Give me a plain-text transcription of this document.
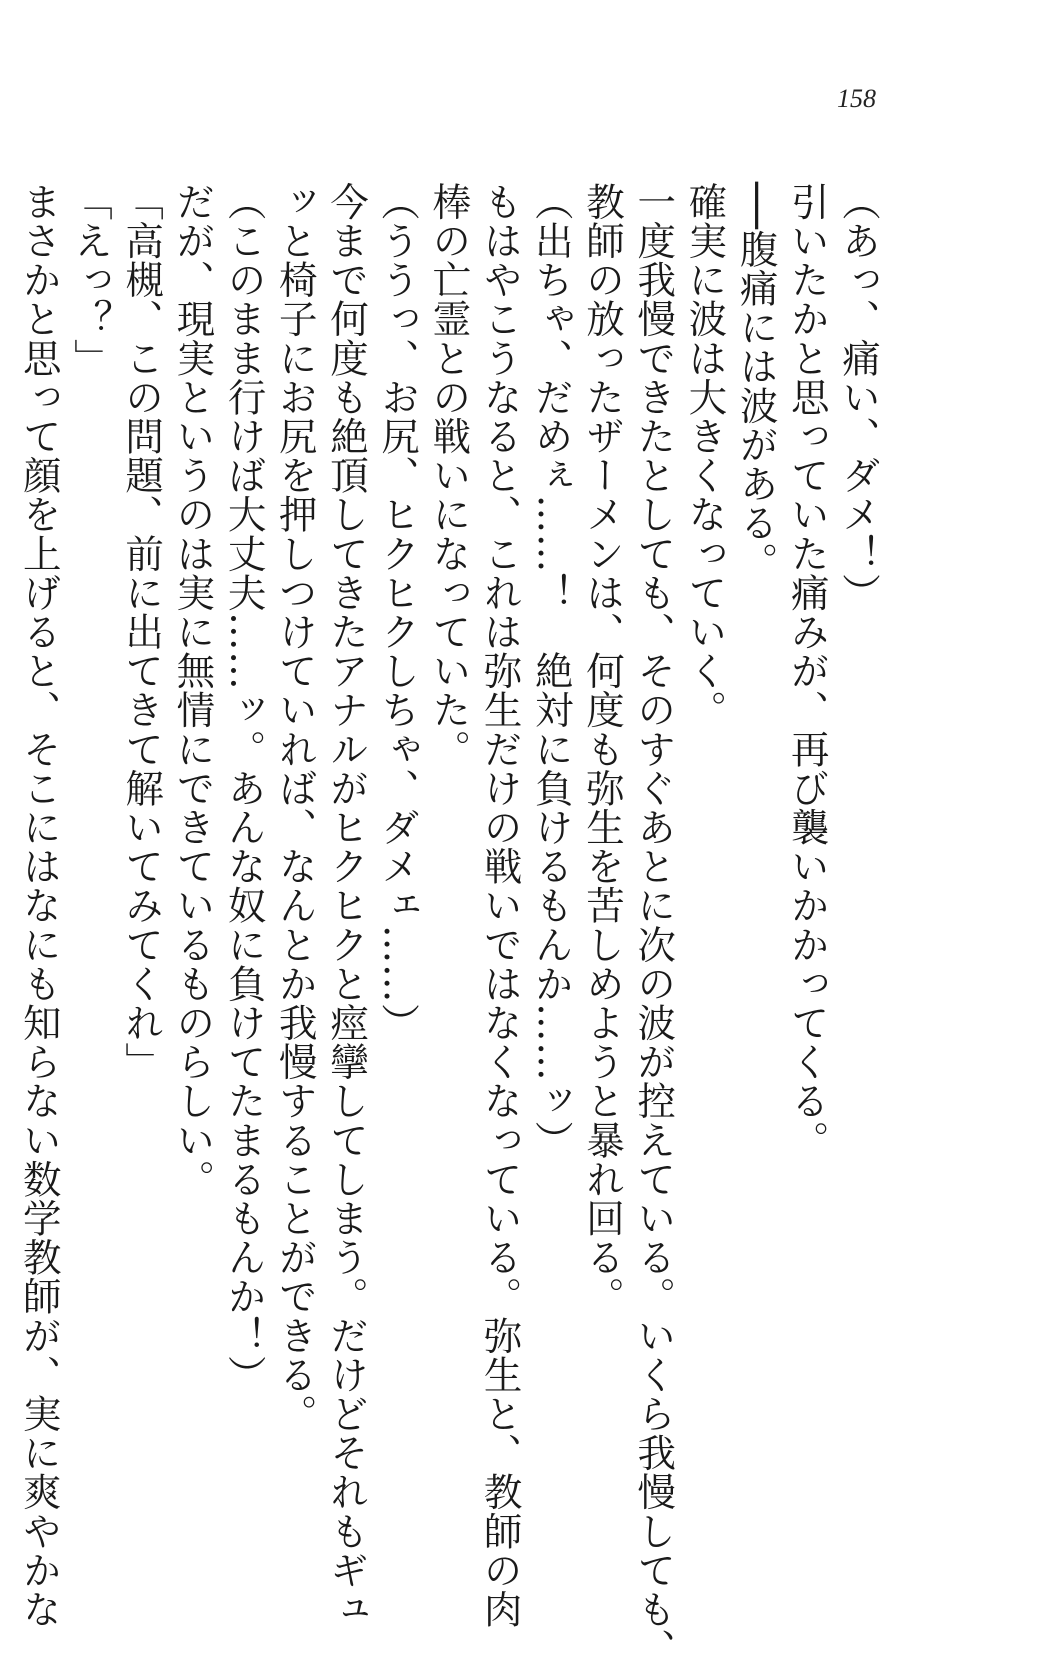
158
（あっ、痛い、ダメ！）
引いたかと思っていた痛みが、再び襲いかかってくる。
──腹痛には波がある。
確実に波は大きくなっていく。
一度我慢できたとしても、そのすぐあとに次の波が控えている。いくら我慢しても、
教師の放ったザーメンは、何度も弥生を苦しめようと暴れ回る。
（出ちゃ、だめぇ……！　絶対に負けるもんか……ッ）
もはやこうなると、これは弥生だけの戦いではなくなっている。弥生と、教師の肉
棒の亡霊との戦いになっていた。
（ううっ、お尻、ヒクヒクしちゃ、ダメェ……）
今まで何度も絶頂してきたアナルがヒクヒクと痙攣してしまう。だけどそれもギュ
ッと椅子にお尻を押しつけていれば、なんとか我慢することができる。
（このまま行けば大丈夫……ッ。あんな奴に負けてたまるもんか！）
だが、現実というのは実に無情にできているものらしい。
「高槻、この問題、前に出てきて解いてみてくれ」
「えっ？」
まさかと思って顔を上げると、そこにはなにも知らない数学教師が、実に爽やかな
